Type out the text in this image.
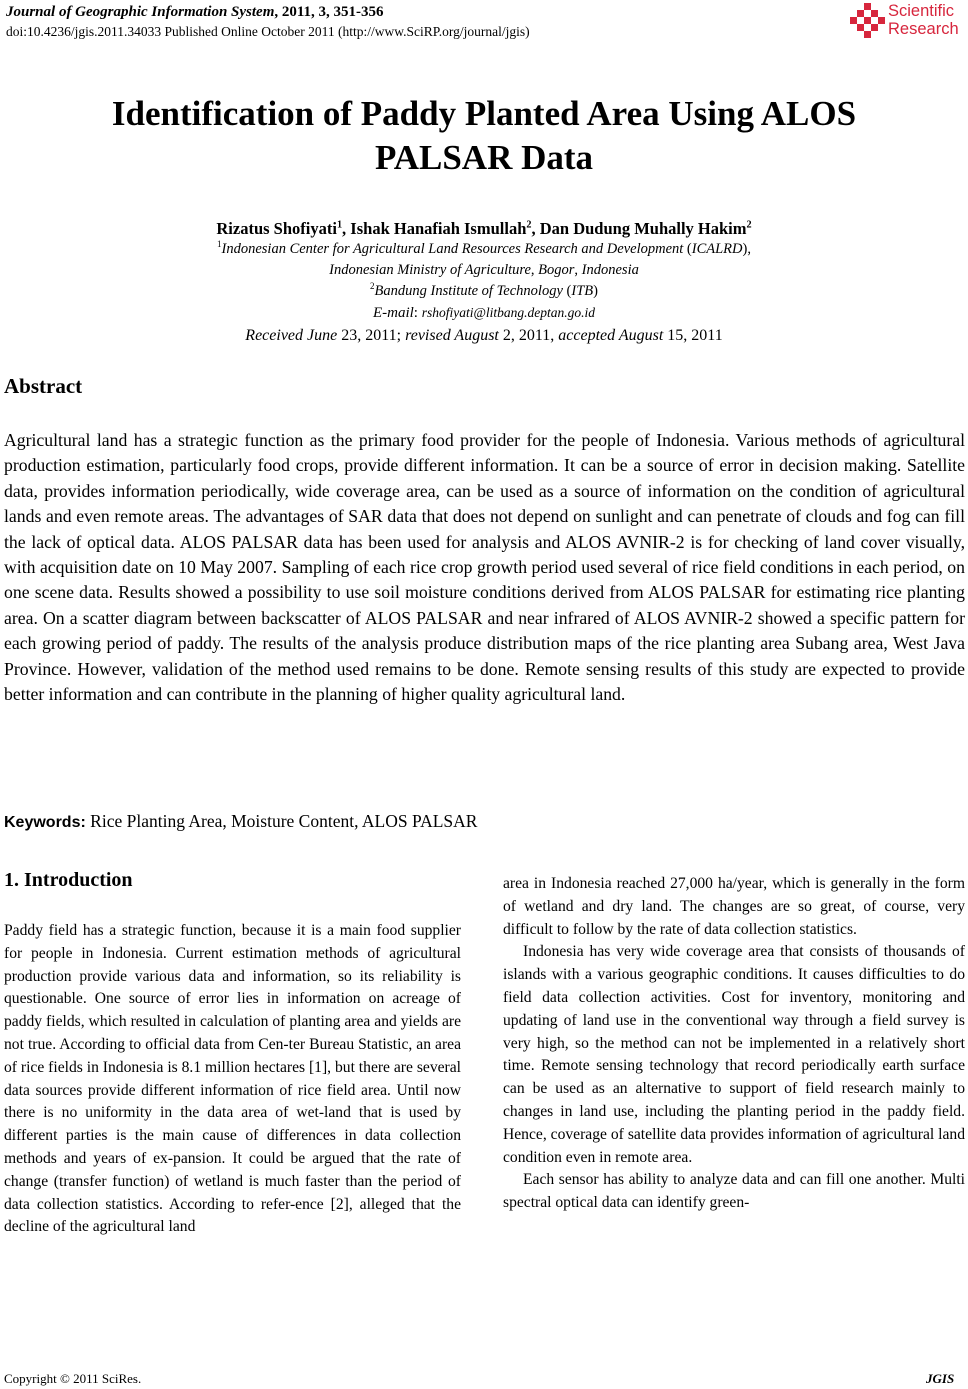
Journal of Geographic Information System, 2011, 3, 351-356
doi:10.4236/jgis.2011.34033 Published Online October 2011 (http://www.SciRP.org/journal/jgis)
Scientific
Research
Identification of Paddy Planted Area Using ALOS
PALSAR Data
Rizatus Shofiyati$^1$, Ishak Hanafiah Ismullah$^2$, Dan Dudung Muhally Hakim$^2$
$^1$Indonesian Center for Agricultural Land Resources Research and Development (ICALRD),
Indonesian Ministry of Agriculture, Bogor, Indonesia
$^2$Bandung Institute of Technology (ITB)
E-mail: rshofiyati@litbang.deptan.go.id
Received June 23, 2011; revised August 2, 2011, accepted August 15, 2011
Abstract

Agricultural land has a strategic function as the primary food provider for the people of Indonesia. Various methods of agricultural production estimation, particularly food crops, provide different information. It can be a source of error in decision making. Satellite data, provides information periodically, wide coverage area, can be used as a source of information on the condition of agricultural lands and even remote areas. The advantages of SAR data that does not depend on sunlight and can penetrate of clouds and fog can fill the lack of optical data. ALOS PALSAR data has been used for analysis and ALOS AVNIR-2 is for checking of land cover visually, with acquisition date on 10 May 2007. Sampling of each rice crop growth period used several of rice field conditions in each period, on one scene data. Results showed a possibility to use soil moisture conditions derived from ALOS PALSAR for estimating rice planting area. On a scatter diagram between backscatter of ALOS PALSAR and near infrared of ALOS AVNIR-2 showed a specific pattern for each growing period of paddy. The results of the analysis produce distribution maps of the rice planting area Subang area, West Java Province. However, validation of the method used remains to be done. Remote sensing results of this study are expected to provide better information and can contribute in the planning of higher quality agricultural land.

Keywords: Rice Planting Area, Moisture Content, ALOS PALSAR
1. Introduction

Paddy field has a strategic function, because it is a main food supplier for people in Indonesia. Current estimation methods of agricultural production provide various data and information, so its reliability is questionable. One source of error lies in information on acreage of paddy fields, which resulted in calculation of planting area and yields are not true. According to official data from Cen-ter Bureau Statistic, an area of rice fields in Indonesia is 8.1 million hectares [1], but there are several data sources provide different information of rice field area. Until now there is no uniformity in the data area of wet-land that is used by different parties is the main cause of differences in data collection methods and years of ex-pansion. It could be argued that the rate of change (transfer function) of wetland is much faster than the period of data collection statistics. According to refer-ence [2], alleged that the decline of the agricultural land

area in Indonesia reached 27,000 ha/year, which is generally in the form of wetland and dry land. The changes are so great, of course, very difficult to follow by the rate of data collection statistics.

Indonesia has very wide coverage area that consists of thousands of islands with a various geographic conditions. It causes difficulties to do field data collection activities. Cost for inventory, monitoring and updating of land use in the conventional way through a field survey is very high, so the method can not be implemented in a relatively short time. Remote sensing technology that record periodically earth surface can be used as an alternative to support of field research mainly to changes in land use, including the planting period in the paddy field. Hence, coverage of satellite data provides information of agricultural land condition even in remote area.

Each sensor has ability to analyze data and can fill one another. Multi spectral optical data can identify green-

Copyright © 2011 SciRes.	JGIS
